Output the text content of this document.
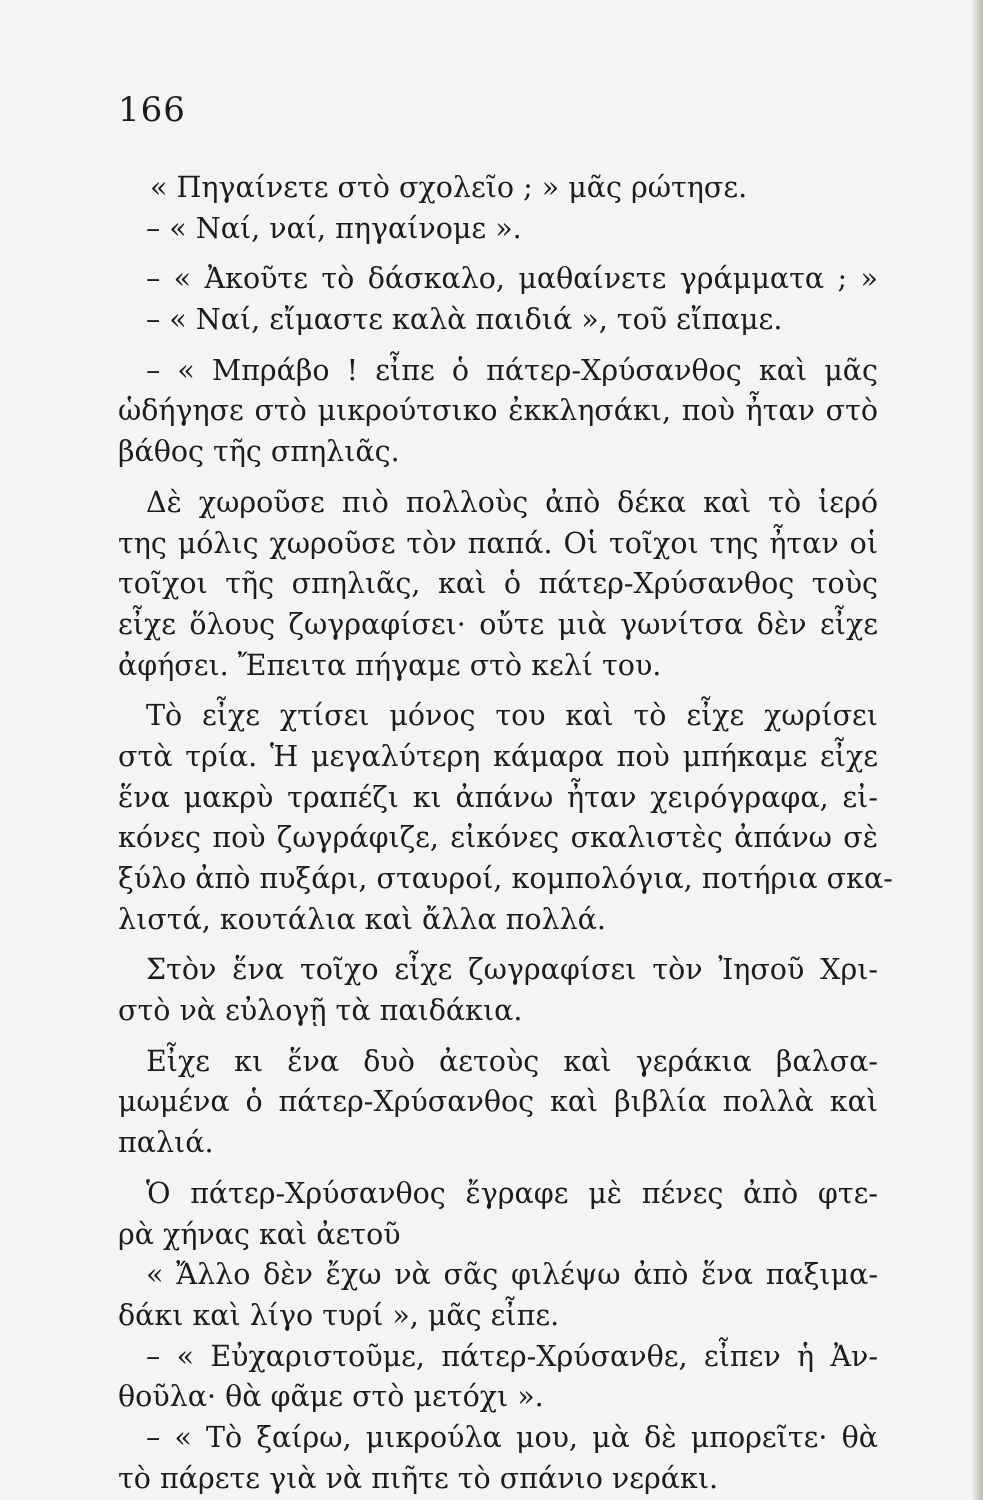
166
« Πηγαίνετε στὸ σχολεῖο ; » μᾶς ρώτησε.
– « Ναί, ναί, πηγαίνομε ».
– « Ἀκοῦτε τὸ δάσκαλο, μαθαίνετε γράμματα ; »
– « Ναί, εἴμαστε καλὰ παιδιά », τοῦ εἴπαμε.
– « Μπράβο ! εἶπε ὁ πάτερ-Χρύσανθος καὶ μᾶς
ὡδήγησε στὸ μικρούτσικο ἐκκλησάκι, ποὺ ἦταν στὸ
βάθος τῆς σπηλιᾶς.
Δὲ χωροῦσε πιὸ πολλοὺς ἀπὸ δέκα καὶ τὸ ἱερό
της μόλις χωροῦσε τὸν παπά. Οἱ τοῖχοι της ἦταν οἱ
τοῖχοι τῆς σπηλιᾶς, καὶ ὁ πάτερ-Χρύσανθος τοὺς
εἶχε ὅλους ζωγραφίσει· οὔτε μιὰ γωνίτσα δὲν εἶχε
ἀφήσει. Ἔπειτα πήγαμε στὸ κελί του.
Τὸ εἶχε χτίσει μόνος του καὶ τὸ εἶχε χωρίσει
στὰ τρία. Ἡ μεγαλύτερη κάμαρα ποὺ μπήκαμε εἶχε
ἕνα μακρὺ τραπέζι κι ἀπάνω ἦταν χειρόγραφα, εἰ-
κόνες ποὺ ζωγράφιζε, εἰκόνες σκαλιστὲς ἀπάνω σὲ
ξύλο ἀπὸ πυξάρι, σταυροί, κομπολόγια, ποτήρια σκα-
λιστά, κουτάλια καὶ ἄλλα πολλά.
Στὸν ἕνα τοῖχο εἶχε ζωγραφίσει τὸν Ἰησοῦ Χρι-
στὸ νὰ εὐλογῇ τὰ παιδάκια.
Εἶχε κι ἕνα δυὸ ἀετοὺς καὶ γεράκια βαλσα-
μωμένα ὁ πάτερ-Χρύσανθος καὶ βιβλία πολλὰ καὶ
παλιά.
Ὁ πάτερ-Χρύσανθος ἔγραφε μὲ πένες ἀπὸ φτε-
ρὰ χήνας καὶ ἀετοῦ
« Ἄλλο δὲν ἔχω νὰ σᾶς φιλέψω ἀπὸ ἕνα παξιμα-
δάκι καὶ λίγο τυρί », μᾶς εἶπε.
– « Εὐχαριστοῦμε, πάτερ-Χρύσανθε, εἶπεν ἡ Ἀν-
θοῦλα· θὰ φᾶμε στὸ μετόχι ».
– « Τὸ ξαίρω, μικρούλα μου, μὰ δὲ μπορεῖτε· θὰ
τὸ πάρετε γιὰ νὰ πιῆτε τὸ σπάνιο νεράκι.
